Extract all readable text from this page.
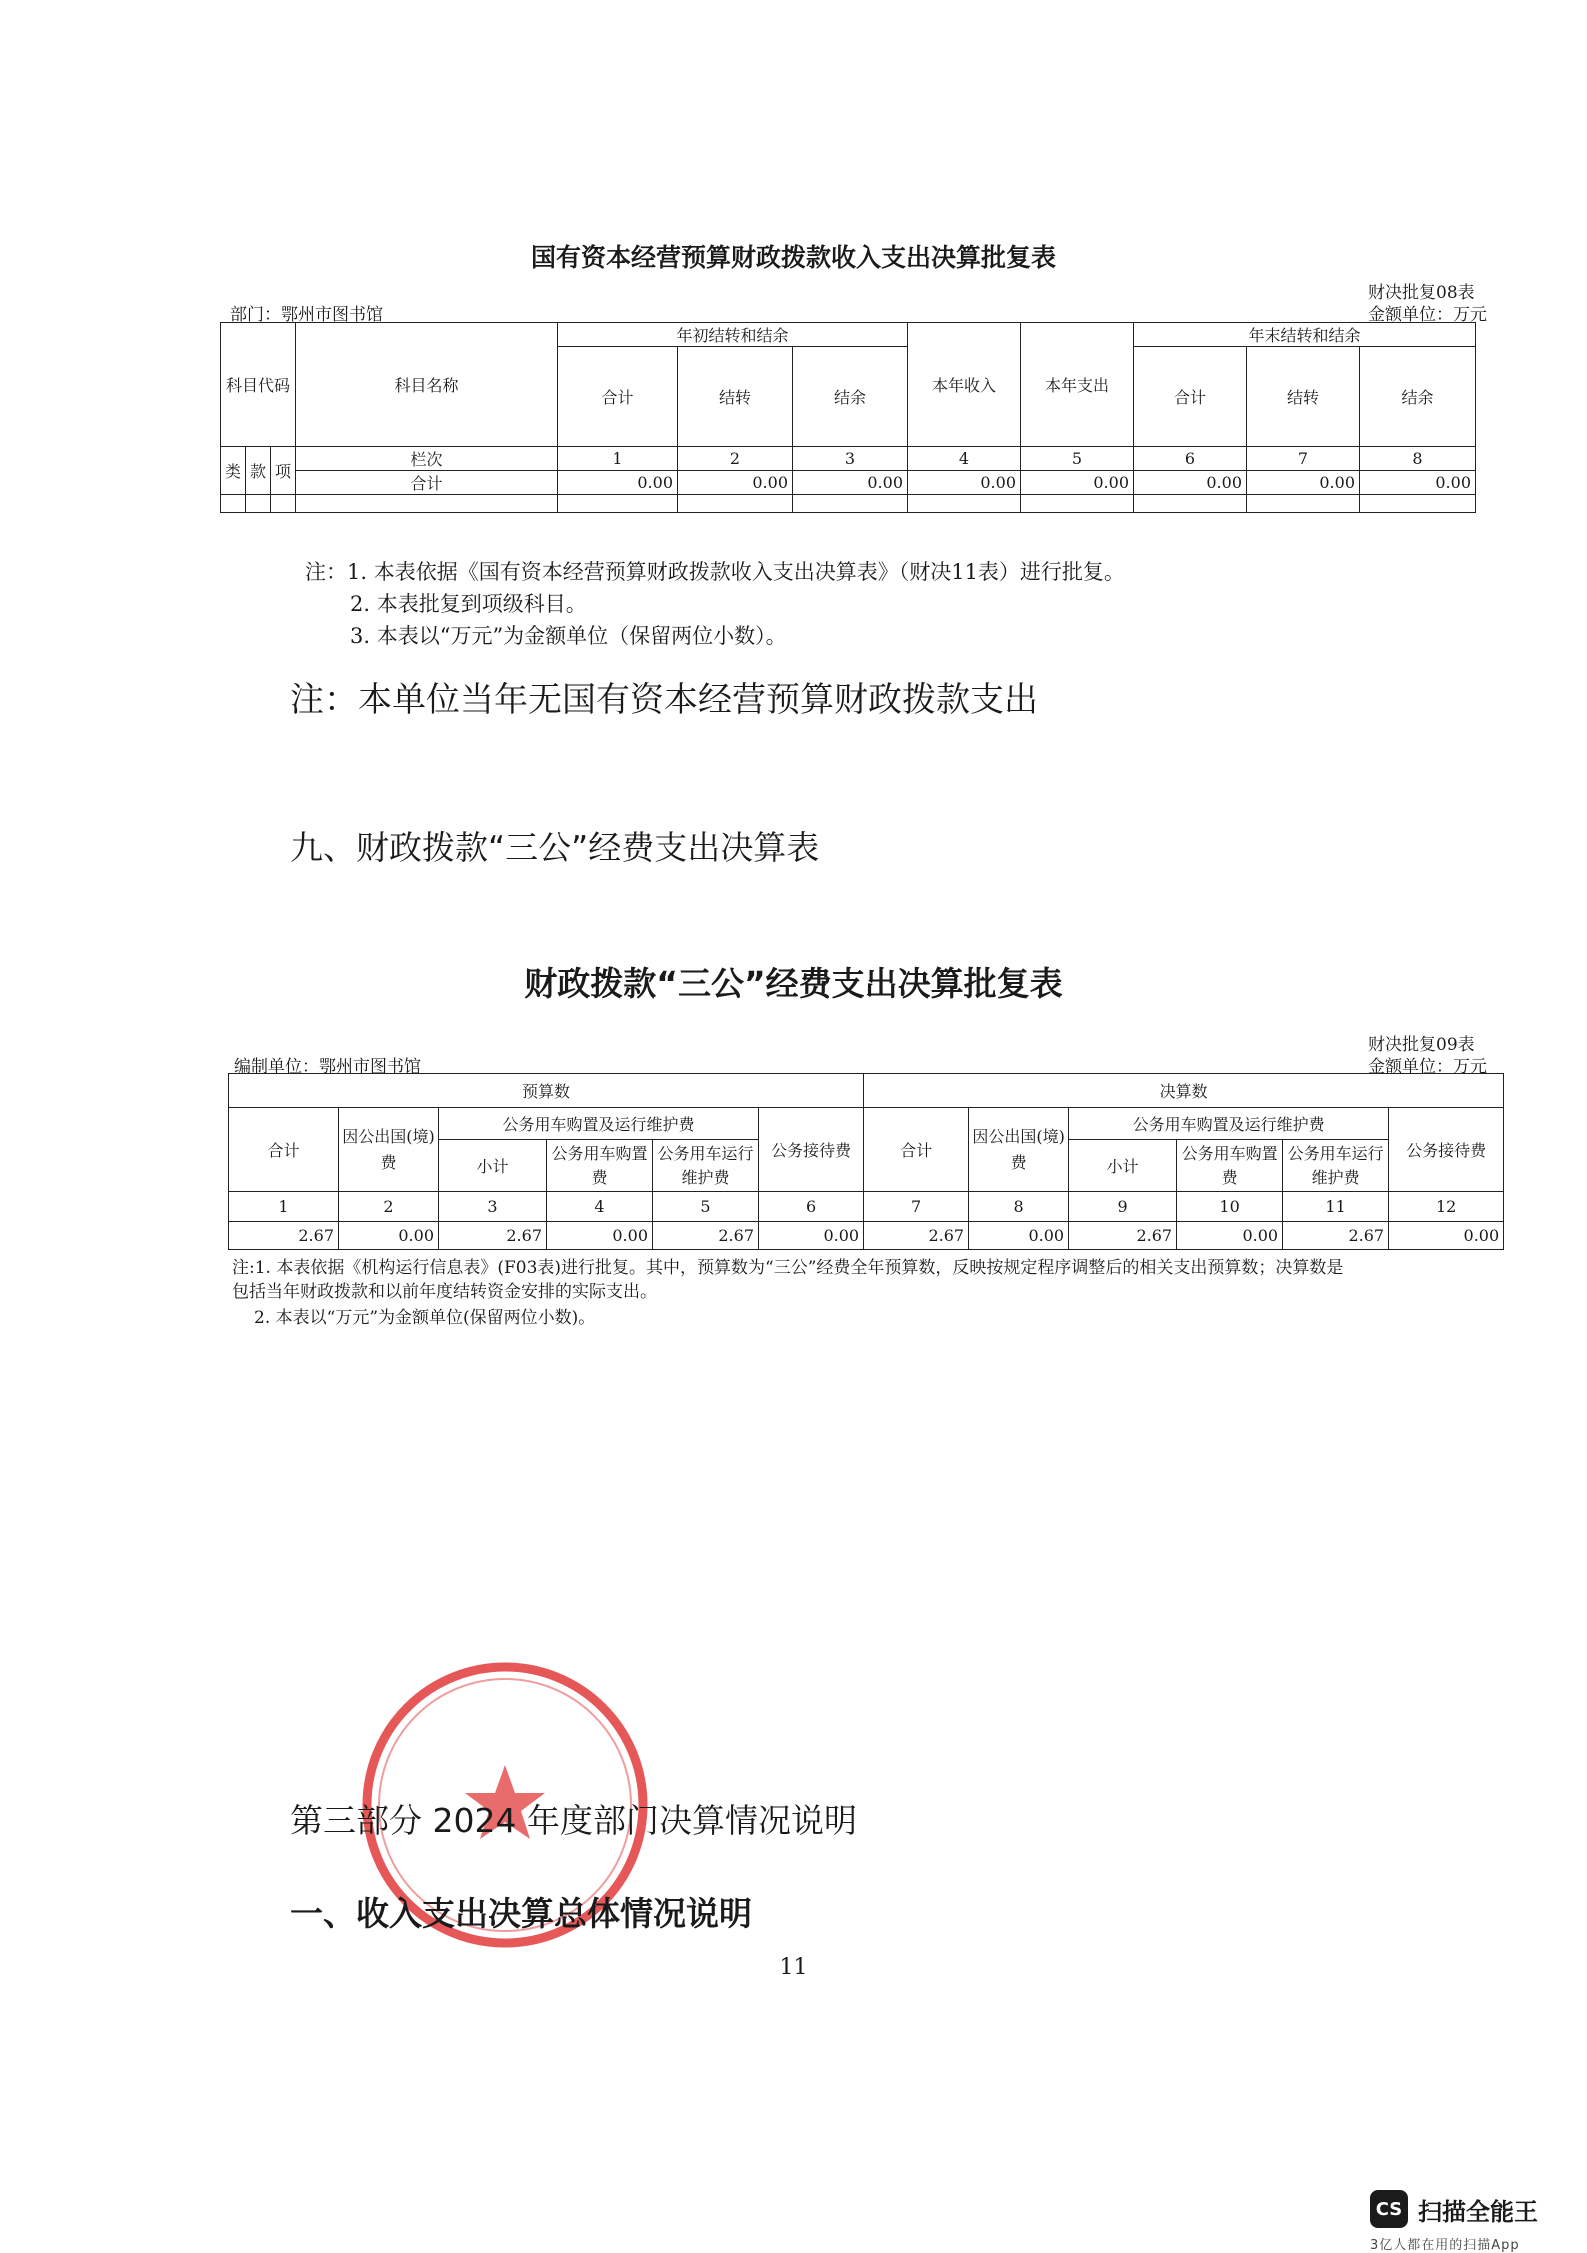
国有资本经营预算财政拨款收入支出决算批复表
财决批复08表
金额单位：万元
部门：鄂州市图书馆
科目代码			科目名称	年初结转和结余			本年收入	本年支出	年末结转和结余		
				合计	结转	结余			合计	结转	结余
类	款	项	栏次	1	2	3	4	5	6	7	8
			合计	0.00	0.00	0.00	0.00	0.00	0.00	0.00	0.00

注：1. 本表依据《国有资本经营预算财政拨款收入支出决算表》（财决11表）进行批复。
2. 本表批复到项级科目。
3. 本表以“万元”为金额单位（保留两位小数）。
注：本单位当年无国有资本经营预算财政拨款支出
九、财政拨款“三公”经费支出决算表
财政拨款“三公”经费支出决算批复表
财决批复09表
金额单位：万元
编制单位：鄂州市图书馆
预算数						决算数					
合计	因公出国(境)费	公务用车购置及运行维护费			公务接待费	合计	因公出国(境)费	公务用车购置及运行维护费			公务接待费
		小计	公务用车购置费	公务用车运行维护费				小计	公务用车购置费	公务用车运行维护费	
1	2	3	4	5	6	7	8	9	10	11	12
2.67	0.00	2.67	0.00	2.67	0.00	2.67	0.00	2.67	0.00	2.67	0.00
注:1. 本表依据《机构运行信息表》(F03表)进行批复。其中，预算数为“三公”经费全年预算数，反映按规定程序调整后的相关支出预算数；决算数是
包括当年财政拨款和以前年度结转资金安排的实际支出。
2. 本表以“万元”为金额单位(保留两位小数)。
第三部分 2024 年度部门决算情况说明
一、收入支出决算总体情况说明
11
CS 扫描全能王
3亿人都在用的扫描App
